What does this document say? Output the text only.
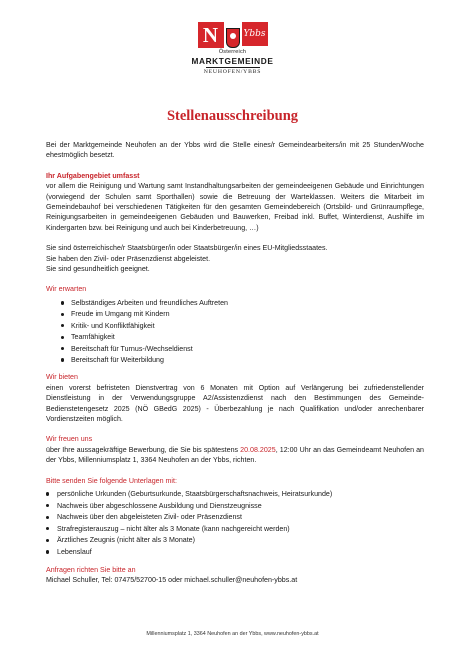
N	Ybbs
Österreich
MARKTGEMEINDE
NEUHOFEN/YBBS
Stellenausschreibung

Bei der Marktgemeinde Neuhofen an der Ybbs wird die Stelle eines/r Gemeindearbeiters/in mit 25 Stunden/Woche ehestmöglich besetzt.

Ihr Aufgabengebiet umfasst

vor allem die Reinigung und Wartung samt Instandhaltungsarbeiten der gemeindeeigenen Gebäude und Einrichtungen (vorwiegend der Schulen samt Sporthallen) sowie die Betreuung der Warteklassen. Weiters die Mitarbeit im Gemeindebauhof bei verschiedenen Tätigkeiten für den gesamten Gemeindebereich (Ortsbild- und Grünraumpflege, Reinigungsarbeiten in gemeindeeigenen Gebäuden und Bauwerken, Freibad inkl. Buffet, Winterdienst, Aushilfe im Kindergarten bzw. bei Reinigung und auch bei Kinderbetreuung, …)

Sie sind österreichische/r Staatsbürger/in oder Staatsbürger/in eines EU-Mitgliedsstaates.
Sie haben den Zivil- oder Präsenzdienst abgeleistet.
Sie sind gesundheitlich geeignet.
Wir erwarten
Selbständiges Arbeiten und freundliches Auftreten
Freude im Umgang mit Kindern
Kritik- und Konfliktfähigkeit
Teamfähigkeit
Bereitschaft für Turnus-/Wechseldienst
Bereitschaft für Weiterbildung
Wir bieten

einen vorerst befristeten Dienstvertrag von 6 Monaten mit Option auf Verlängerung bei zufriedenstellender Dienstleistung in der Verwendungsgruppe A2/Assistenzdienst nach den Bestimmungen des Gemeinde-Bedienstetengesetz 2025 (NÖ GBedG 2025) - Überbezahlung je nach Qualifikation und/oder anrechenbarer Vordienstzeiten möglich.

Wir freuen uns

über Ihre aussagekräftige Bewerbung, die Sie bis spätestens 20.08.2025, 12:00 Uhr an das Gemeindeamt Neuhofen an der Ybbs, Millenniumsplatz 1, 3364 Neuhofen an der Ybbs, richten.

Bitte senden Sie folgende Unterlagen mit:
persönliche Urkunden (Geburtsurkunde, Staatsbürgerschaftsnachweis, Heiratsurkunde)
Nachweis über abgeschlossene Ausbildung und Dienstzeugnisse
Nachweis über den abgeleisteten Zivil- oder Präsenzdienst
Strafregisterauszug – nicht älter als 3 Monate (kann nachgereicht werden)
Ärztliches Zeugnis (nicht älter als 3 Monate)
Lebenslauf
Anfragen richten Sie bitte an
Michael Schuller, Tel: 07475/52700-15 oder michael.schuller@neuhofen-ybbs.at
Millenniumsplatz 1, 3364 Neuhofen an der Ybbs, www.neuhofen-ybbs.at
